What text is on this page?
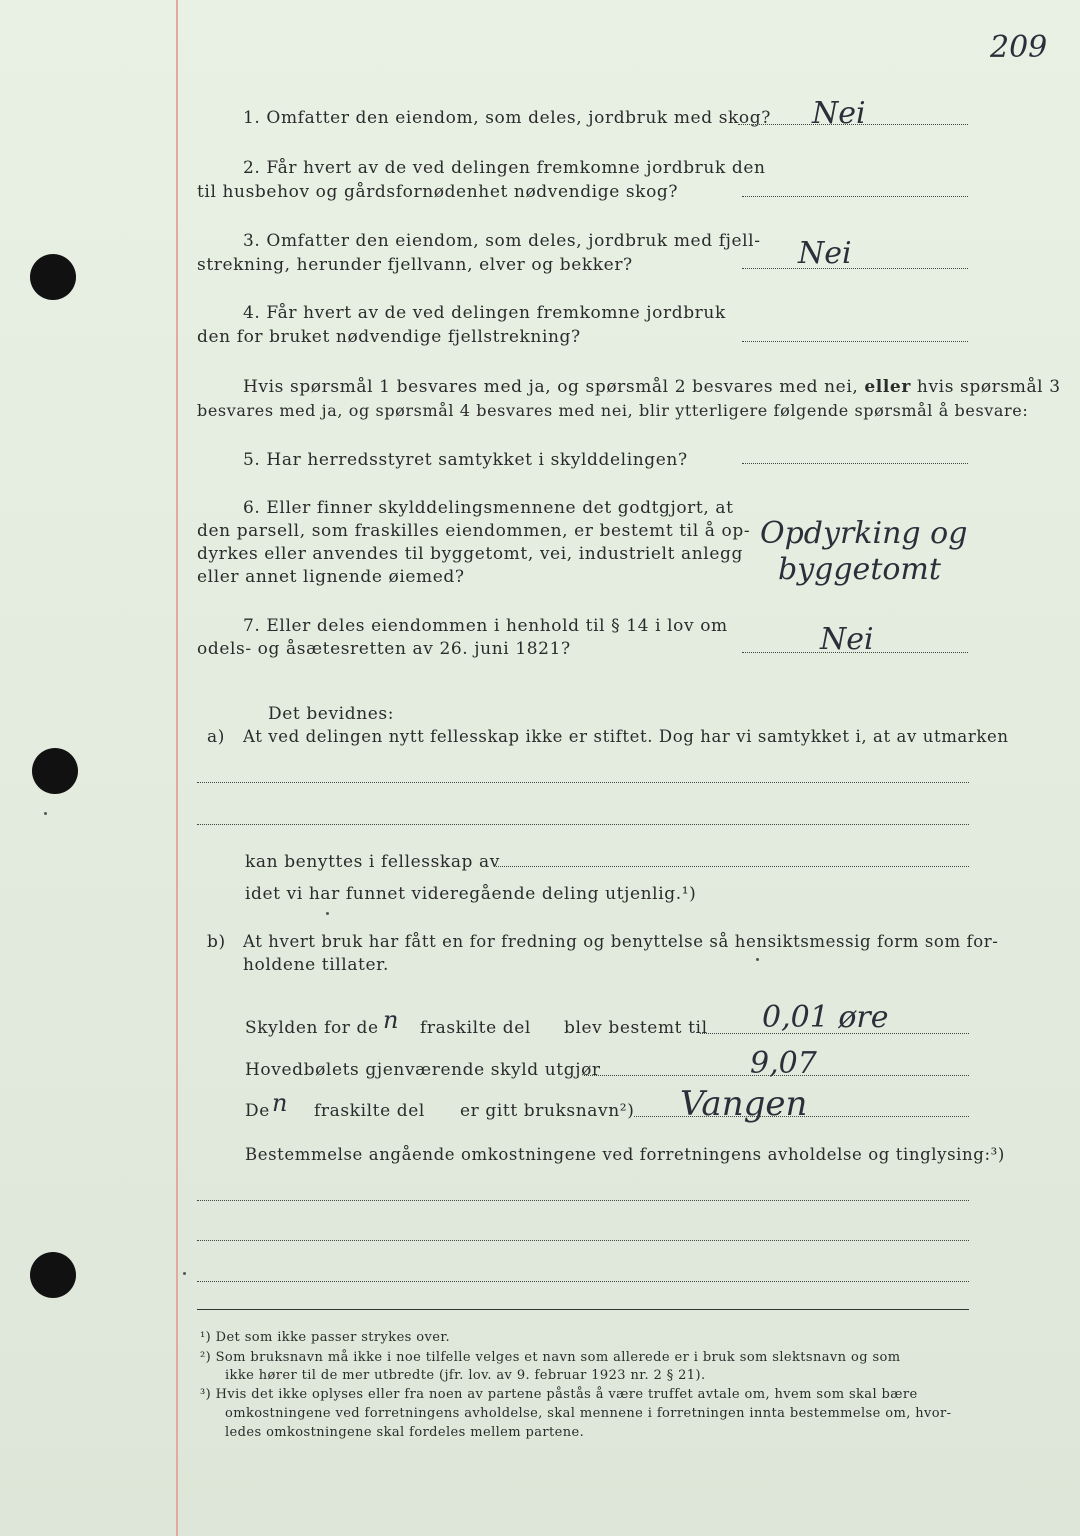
209
1. Omfatter den eiendom, som deles, jordbruk med skog? Nei
2. Får hvert av de ved delingen fremkomne jordbruk den
til husbehov og gårdsfornødenhet nødvendige skog?
3. Omfatter den eiendom, som deles, jordbruk med fjell-
strekning, herunder fjellvann, elver og bekker?	Nei
4. Får hvert av de ved delingen fremkomne jordbruk
den for bruket nødvendige fjellstrekning?
Hvis spørsmål 1 besvares med ja, og spørsmål 2 besvares med nei, eller hvis spørsmål 3
besvares med ja, og spørsmål 4 besvares med nei, blir ytterligere følgende spørsmål å besvare:
5. Har herredsstyret samtykket i skylddelingen?
6. Eller finner skylddelingsmennene det godtgjort, at
den parsell, som fraskilles eiendommen, er bestemt til å op-
dyrkes eller anvendes til byggetomt, vei, industrielt anlegg
eller annet lignende øiemed?
Opdyrking og
byggetomt
7. Eller deles eiendommen i henhold til § 14 i lov om
odels- og åsætesretten av 26. juni 1821?	Nei
Det bevidnes:
a) At ved delingen nytt fellesskap ikke er stiftet. Dog har vi samtykket i, at av utmarken
kan benyttes i fellesskap av
idet vi har funnet videregående deling utjenlig.¹)
b) At hvert bruk har fått en for fredning og benyttelse så hensiktsmessig form som for-
holdene tillater.
Skylden for de n fraskilte del blev bestemt til 0,01 øre
Hovedbølets gjenværende skyld utgjør	9,07
De n fraskilte del er gitt bruksnavn²) Vangen
Bestemmelse angående omkostningene ved forretningens avholdelse og tinglysing:³)
¹) Det som ikke passer strykes over.
²) Som bruksnavn må ikke i noe tilfelle velges et navn som allerede er i bruk som slektsnavn og som
ikke hører til de mer utbredte (jfr. lov. av 9. februar 1923 nr. 2 § 21).
³) Hvis det ikke oplyses eller fra noen av partene påstås å være truffet avtale om, hvem som skal bære
omkostningene ved forretningens avholdelse, skal mennene i forretningen innta bestemmelse om, hvor-
ledes omkostningene skal fordeles mellem partene.
